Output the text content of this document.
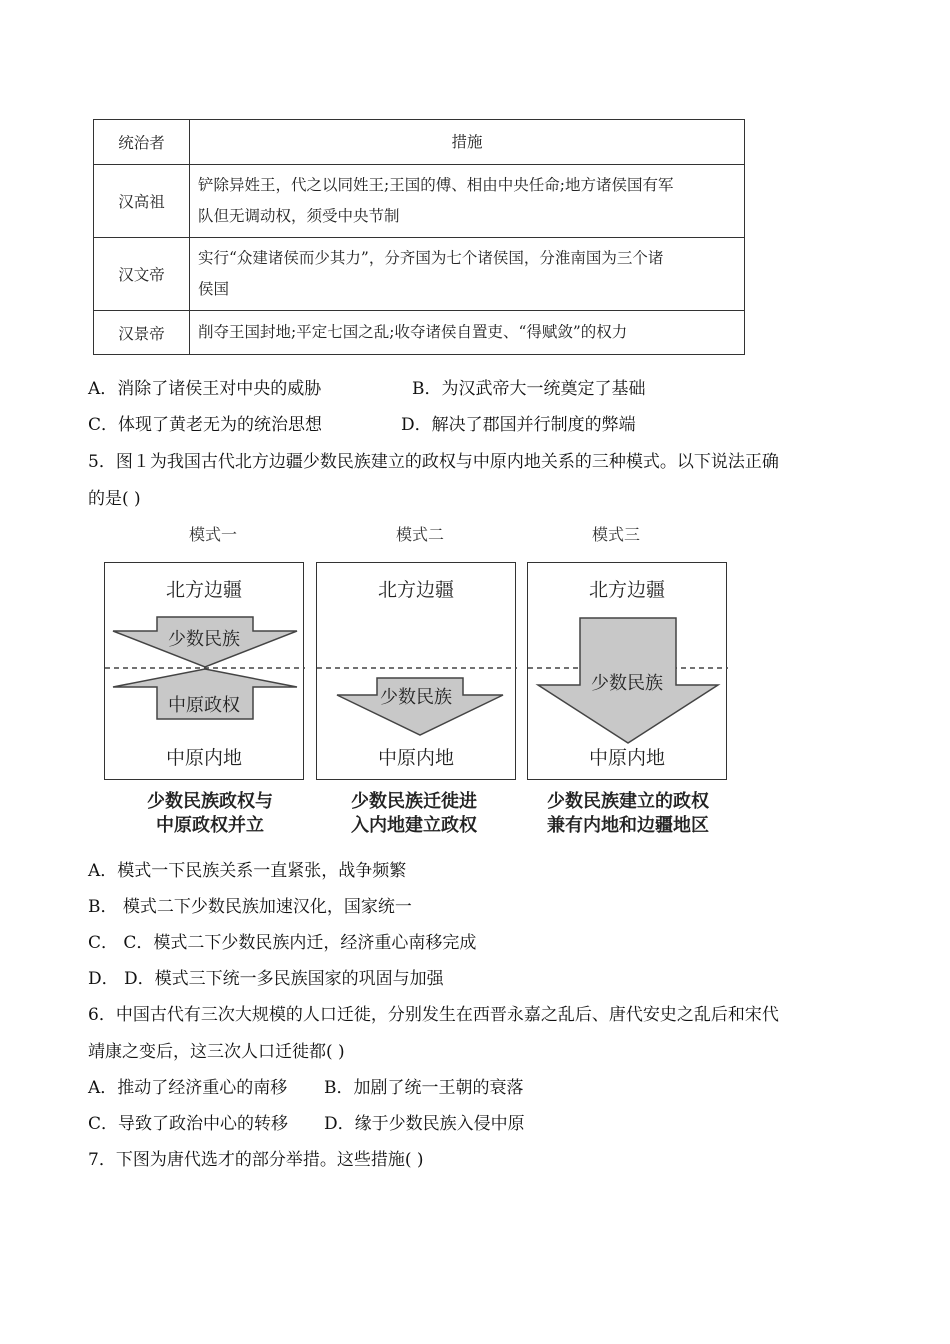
统治者	措施
汉高祖	铲除异姓王，代之以同姓王;王国的傅、相由中央任命;地方诸侯国有军
队但无调动权，须受中央节制

汉文帝	实行“众建诸侯而少其力”，分齐国为七个诸侯国，分淮南国为三个诸
侯国

汉景帝	削夺王国封地;平定七国之乱;收夺诸侯自置吏、“得赋敛”的权力
A．消除了诸侯王对中央的威胁	B．为汉武帝大一统奠定了基础
C．体现了黄老无为的统治思想	D．解决了郡国并行制度的弊端
5．图１为我国古代北方边疆少数民族建立的政权与中原内地关系的三种模式。以下说法正确
的是( )
模式一	模式二	模式三
北方边疆
少数民族
中原政权
中原内地
北方边疆
少数民族
中原内地
北方边疆
少数民族
中原内地
少数民族政权与
中原政权并立
少数民族迁徙进
入内地建立政权
少数民族建立的政权
兼有内地和边疆地区
A．模式一下民族关系一直紧张，战争频繁
B． 模式二下少数民族加速汉化，国家统一
C． C．模式二下少数民族内迁，经济重心南移完成
D． D．模式三下统一多民族国家的巩固与加强
6．中国古代有三次大规模的人口迁徙，分别发生在西晋永嘉之乱后、唐代安史之乱后和宋代
靖康之变后，这三次人口迁徙都( )
A．推动了经济重心的南移 B．加剧了统一王朝的衰落
C．导致了政治中心的转移 D．缘于少数民族入侵中原
7．下图为唐代选才的部分举措。这些措施( )
